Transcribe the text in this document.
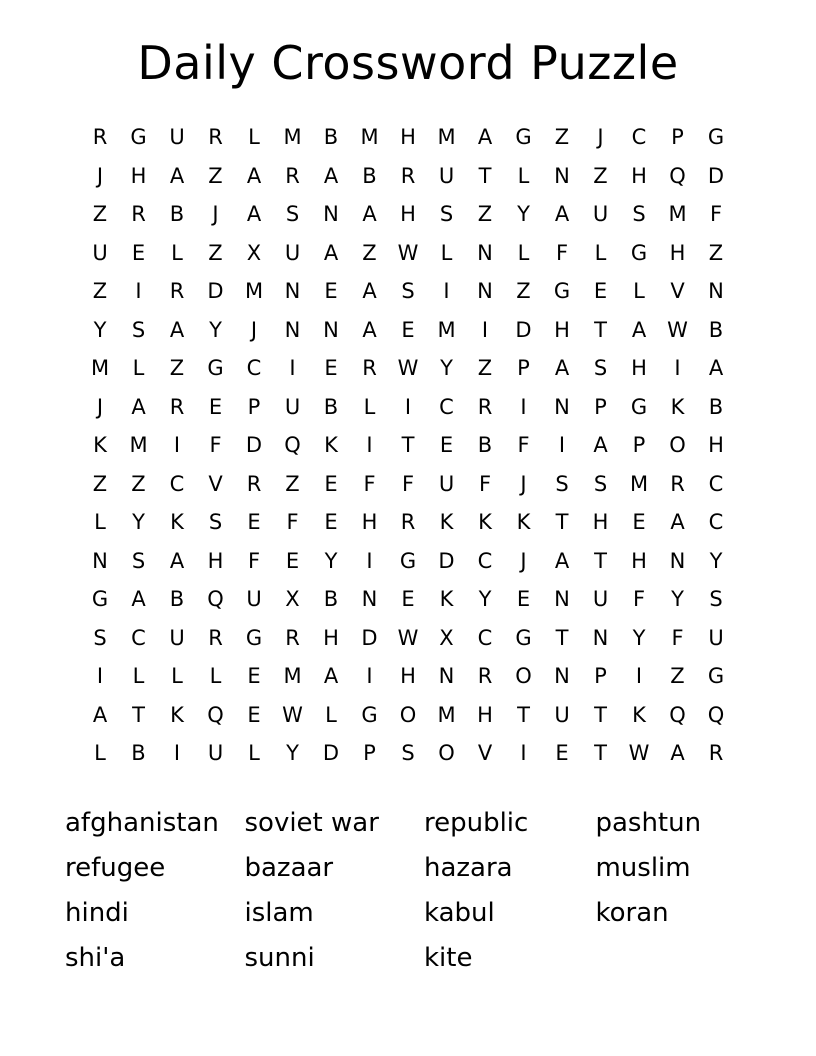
Daily Crossword Puzzle
R	G	U	R	L	M	B	M	H	M	A	G	Z	J	C	P	G
J	H	A	Z	A	R	A	B	R	U	T	L	N	Z	H	Q	D
Z	R	B	J	A	S	N	A	H	S	Z	Y	A	U	S	M	F
U	E	L	Z	X	U	A	Z W	L	N	L	F	L	G	H	Z
Z	I	R	D	M	N	E	A	S	I	N	Z	G	E	L	V	N
Y	S	A	Y	J	N	N	A	E	M	I	D	H	T	A W B
M	L	Z	G	C	I	E	R W	Y	Z	P	A	S	H	I	A
J	A	R	E	P	U	B	L	I	C	R	I	N	P	G	K	B
K	M	I	F	D	Q	K	I	T	E	B	F	I	A	P	O	H
Z	Z	C	V	R	Z	E	F	F	U	F	J	S	S	M	R	C
L	Y	K	S	E	F	E	H	R	K	K	K	T	H	E	A	C
N	S	A	H	F	E	Y	I	G	D	C	J	A	T	H	N	Y
G	A	B	Q	U	X	B	N	E	K	Y	E	N	U	F	Y	S
S	C	U	R	G	R	H	D W X	C	G	T	N	Y	F	U
I	L	L	L	E	M	A	I	H	N	R	O	N	P	I	Z	G
A	T	K	Q	E	W	L	G	O	M	H	T	U	T	K	Q	Q
L	B	I	U	L	Y	D	P	S	O	V	I	E	T	W A	R
afghanistan
refugee
hindi
shi'a
soviet war
bazaar
islam
sunni
republic
hazara
kabul
kite
pashtun
muslim
koran
